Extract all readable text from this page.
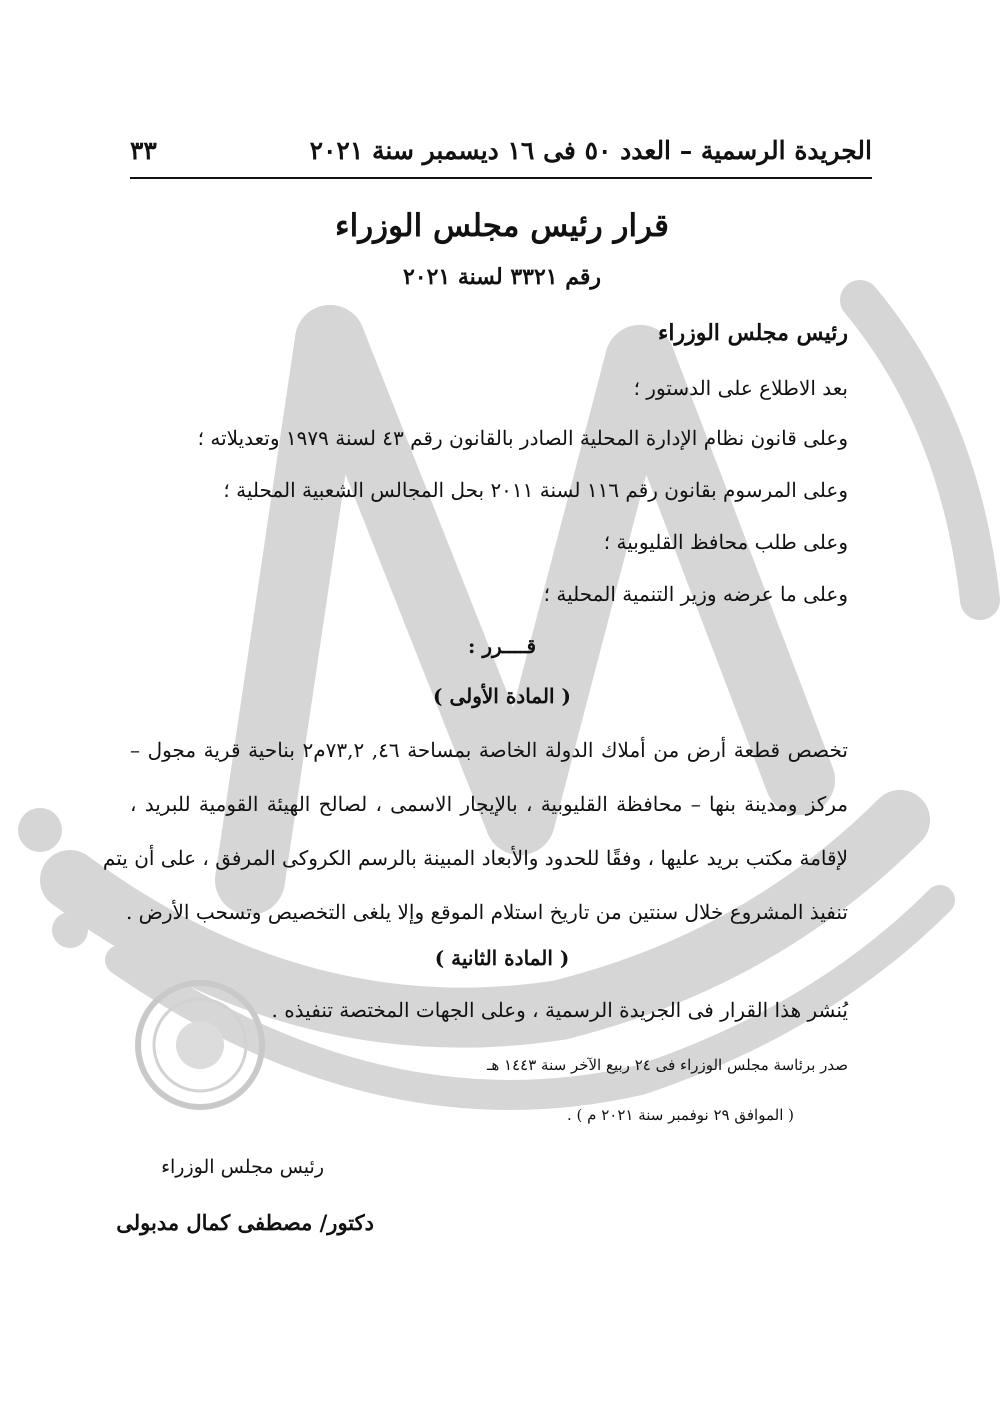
الجريدة الرسمية – العدد ٥٠ فى ١٦ ديسمبر سنة ٢٠٢١
٣٣
قرار رئيس مجلس الوزراء
رقم ٣٣٢١ لسنة ٢٠٢١
رئيس مجلس الوزراء
بعد الاطلاع على الدستور ؛
وعلى قانون نظام الإدارة المحلية الصادر بالقانون رقم ٤٣ لسنة ١٩٧٩ وتعديلاته ؛
وعلى المرسوم بقانون رقم ١١٦ لسنة ٢٠١١ بحل المجالس الشعبية المحلية ؛
وعلى طلب محافظ القليوبية ؛
وعلى ما عرضه وزير التنمية المحلية ؛
قــــرر :
( المادة الأولى )
تخصص قطعة أرض من أملاك الدولة الخاصة بمساحة ٤٦, ٧٣,٢م٢ بناحية قرية مجول –
مركز ومدينة بنها – محافظة القليوبية ، بالإيجار الاسمى ، لصالح الهيئة القومية للبريد ،
لإقامة مكتب بريد عليها ، وفقًا للحدود والأبعاد المبينة بالرسم الكروكى المرفق ، على أن يتم
تنفيذ المشروع خلال سنتين من تاريخ استلام الموقع وإلا يلغى التخصيص وتسحب الأرض .
( المادة الثانية )
يُنشر هذا القرار فى الجريدة الرسمية ، وعلى الجهات المختصة تنفيذه .
صدر برئاسة مجلس الوزراء فى ٢٤ ربيع الآخر سنة ١٤٤٣ هـ
( الموافق ٢٩ نوفمبر سنة ٢٠٢١ م ) .
رئيس مجلس الوزراء
دكتور/ مصطفى كمال مدبولى
